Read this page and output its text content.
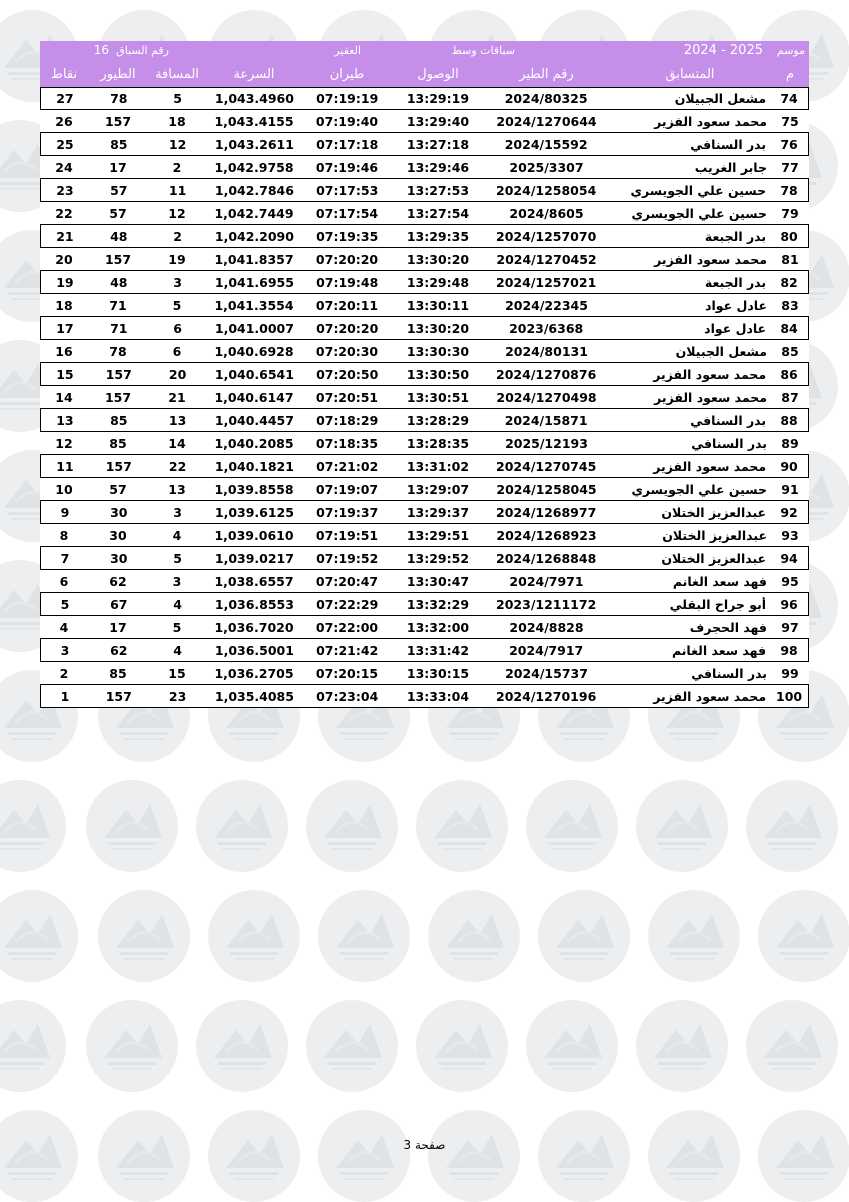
موسم
2025 - 2024
سباقات وسط
العقير
رقم السباق
16
م
المتسابق
رقم الطير
الوصول
طيران
السرعة
المسافة
الطيور
نقاط
74
مشعل الجبيلان
2024/80325
13:29:19
07:19:19
1,043.4960
5
78
27
75
محمد سعود الفزير
2024/1270644
13:29:40
07:19:40
1,043.4155
18
157
26
76
بدر السنافي
2024/15592
13:27:18
07:17:18
1,043.2611
12
85
25
77
جابر الغريب
2025/3307
13:29:46
07:19:46
1,042.9758
2
17
24
78
حسين علي الجويسري
2024/1258054
13:27:53
07:17:53
1,042.7846
11
57
23
79
حسين علي الجويسري
2024/8605
13:27:54
07:17:54
1,042.7449
12
57
22
80
بدر الجبعة
2024/1257070
13:29:35
07:19:35
1,042.2090
2
48
21
81
محمد سعود الفزير
2024/1270452
13:30:20
07:20:20
1,041.8357
19
157
20
82
بدر الجبعة
2024/1257021
13:29:48
07:19:48
1,041.6955
3
48
19
83
عادل عواد
2024/22345
13:30:11
07:20:11
1,041.3554
5
71
18
84
عادل عواد
2023/6368
13:30:20
07:20:20
1,041.0007
6
71
17
85
مشعل الجبيلان
2024/80131
13:30:30
07:20:30
1,040.6928
6
78
16
86
محمد سعود الفزير
2024/1270876
13:30:50
07:20:50
1,040.6541
20
157
15
87
محمد سعود الفزير
2024/1270498
13:30:51
07:20:51
1,040.6147
21
157
14
88
بدر السنافي
2024/15871
13:28:29
07:18:29
1,040.4457
13
85
13
89
بدر السنافي
2025/12193
13:28:35
07:18:35
1,040.2085
14
85
12
90
محمد سعود الفزير
2024/1270745
13:31:02
07:21:02
1,040.1821
22
157
11
91
حسين علي الجويسري
2024/1258045
13:29:07
07:19:07
1,039.8558
13
57
10
92
عبدالعزيز الختلان
2024/1268977
13:29:37
07:19:37
1,039.6125
3
30
9
93
عبدالعزيز الختلان
2024/1268923
13:29:51
07:19:51
1,039.0610
4
30
8
94
عبدالعزيز الختلان
2024/1268848
13:29:52
07:19:52
1,039.0217
5
30
7
95
فهد سعد الغانم
2024/7971
13:30:47
07:20:47
1,038.6557
3
62
6
96
أبو جراح البقلي
2023/1211172
13:32:29
07:22:29
1,036.8553
4
67
5
97
فهد الحجرف
2024/8828
13:32:00
07:22:00
1,036.7020
5
17
4
98
فهد سعد الغانم
2024/7917
13:31:42
07:21:42
1,036.5001
4
62
3
99
بدر السنافي
2024/15737
13:30:15
07:20:15
1,036.2705
15
85
2
100
محمد سعود الفزير
2024/1270196
13:33:04
07:23:04
1,035.4085
23
157
1
صفحة 3
